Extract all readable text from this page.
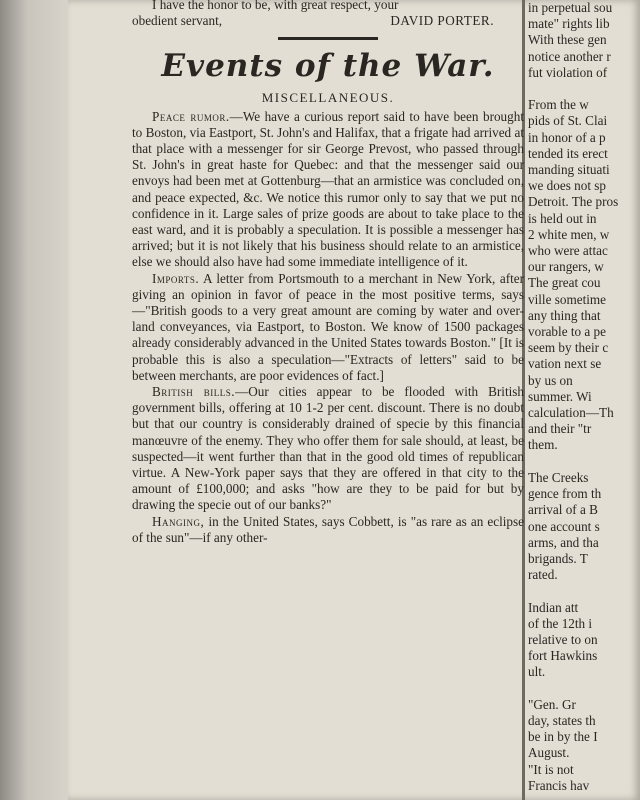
I have the honor to be, with great respect, your
obedient servant,	DAVID PORTER.
Events of the War.
MISCELLANEOUS.

Peace rumor.—We have a curious report said to have been brought to Boston, via Eastport, St. John's and Halifax, that a frigate had arrived at that place with a messenger for sir George Prevost, who passed through St. John's in great haste for Quebec: and that the messenger said our envoys had been met at Gottenburg—that an armistice was concluded on, and peace expected, &c. We notice this rumor only to say that we put no confidence in it. Large sales of prize goods are about to take place to the east ward, and it is probably a speculation. It is possible a messenger has arrived; but it is not likely that his business should relate to an armistice, else we should also have had some immediate intelligence of it.

Imports. A letter from Portsmouth to a merchant in New York, after giving an opinion in favor of peace in the most positive terms, says—"British goods to a very great amount are coming by water and over-land conveyances, via Eastport, to Boston. We know of 1500 packages already considerably advanced in the United States towards Boston." [It is probable this is also a speculation—"Extracts of letters" said to be between merchants, are poor evidences of fact.]

British bills.—Our cities appear to be flooded with British government bills, offering at 10 1-2 per cent. discount. There is no doubt but that our country is considerably drained of specie by this financial manœuvre of the enemy. They who offer them for sale should, at least, be suspected—it went further than that in the good old times of republican virtue. A New-York paper says that they are offered in that city to the amount of £100,000; and asks "how are they to be paid for but by drawing the specie out of our banks?"

Hanging, in the United States, says Cobbett, is "as rare as an eclipse of the sun"—if any other-

in perpetual sou
mate" rights lib
With these gen
notice another r
fut violation of

From the w
pids of St. Clai
in honor of a p
tended its erect
manding situati
we does not sp
Detroit. The pros
is held out in
2 white men, w
who were attac
our rangers, w
The great cou
ville sometime
any thing that
vorable to a pe
seem by their c
vation next se
by us on
summer. Wi
calculation—Th
and their "tr
them.

The Creeks
gence from th
arrival of a B
one account s
arms, and tha
brigands. T
rated.

Indian att
of the 12th i
relative to on
fort Hawkins
ult.

"Gen. Gr
day, states th
be in by the I
August.
"It is not
Francis hav
